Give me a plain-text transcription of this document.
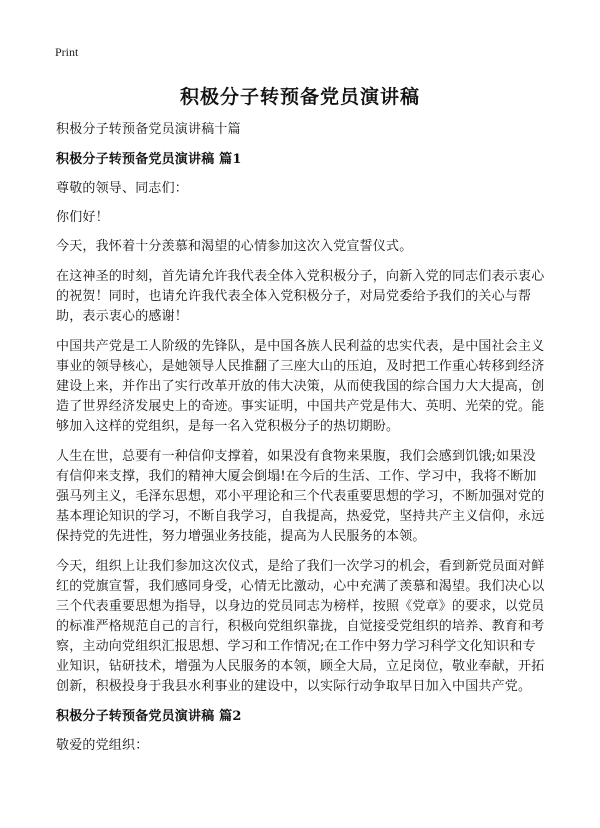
Print
积极分子转预备党员演讲稿

积极分子转预备党员演讲稿十篇

积极分子转预备党员演讲稿 篇1

尊敬的领导、同志们：

你们好！

今天，我怀着十分羡慕和渴望的心情参加这次入党宣誓仪式。

在这神圣的时刻，首先请允许我代表全体入党积极分子，向新入党的同志们表示衷心的祝贺！同时，也请允许我代表全体入党积极分子，对局党委给予我们的关心与帮助，表示衷心的感谢！

中国共产党是工人阶级的先锋队，是中国各族人民利益的忠实代表，是中国社会主义事业的领导核心，是她领导人民推翻了三座大山的压迫，及时把工作重心转移到经济建设上来，并作出了实行改革开放的伟大决策，从而使我国的综合国力大大提高，创造了世界经济发展史上的奇迹。事实证明，中国共产党是伟大、英明、光荣的党。能够加入这样的党组织，是每一名入党积极分子的热切期盼。

人生在世，总要有一种信仰支撑着，如果没有食物来果腹，我们会感到饥饿;如果没有信仰来支撑，我们的精神大厦会倒塌!在今后的生活、工作、学习中，我将不断加强马列主义，毛泽东思想，邓小平理论和三个代表重要思想的学习，不断加强对党的基本理论知识的学习，不断自我学习，自我提高，热爱党，坚持共产主义信仰，永远保持党的先进性，努力增强业务技能，提高为人民服务的本领。

今天，组织上让我们参加这次仪式，是给了我们一次学习的机会，看到新党员面对鲜红的党旗宣誓，我们感同身受，心情无比激动，心中充满了羡慕和渴望。我们决心以三个代表重要思想为指导，以身边的党员同志为榜样，按照《党章》的要求，以党员的标准严格规范自己的言行，积极向党组织靠拢，自觉接受党组织的培养、教育和考察，主动向党组织汇报思想、学习和工作情况;在工作中努力学习科学文化知识和专业知识，钻研技术，增强为人民服务的本领，顾全大局，立足岗位，敬业奉献，开拓创新，积极投身于我县水利事业的建设中，以实际行动争取早日加入中国共产党。

积极分子转预备党员演讲稿 篇2

敬爱的党组织：
